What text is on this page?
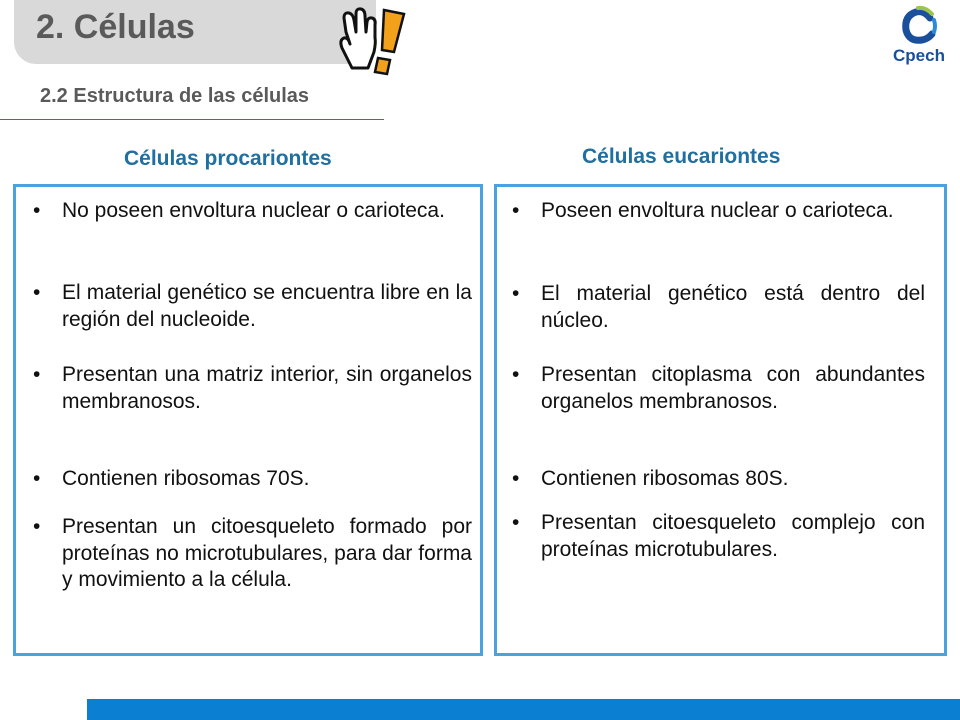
2. Células
Cpech
2.2 Estructura de las células
Células procariontes	Células eucariontes
• No poseen envoltura nuclear o carioteca.
• El material genético se encuentra libre en la región del nucleoide.
• Presentan una matriz interior, sin organelos membranosos.
• Contienen ribosomas 70S.
• Presentan un citoesqueleto formado por proteínas no microtubulares, para dar forma y movimiento a la célula.
• Poseen envoltura nuclear o carioteca.
• El material genético está dentro del núcleo.
• Presentan citoplasma con abundantes organelos membranosos.
• Contienen ribosomas 80S.
• Presentan citoesqueleto complejo con proteínas microtubulares.
